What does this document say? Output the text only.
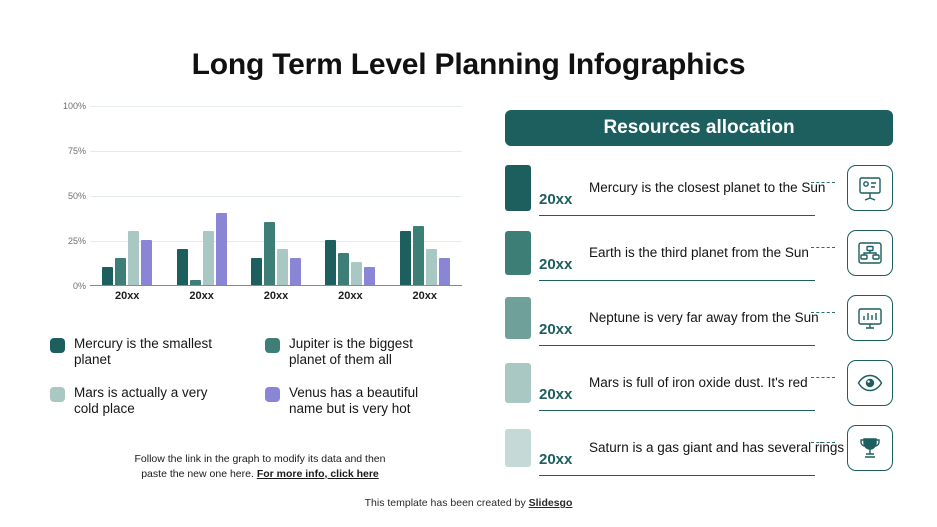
Long Term Level Planning Infographics
100%
75%
50%
25%
0%
20xx	20xx	20xx	20xx	20xx
Mercury is the smallest planet
Jupiter is the biggest planet of them all
Mars is actually a very cold place
Venus has a beautiful name but is very hot
Follow the link in the graph to modify its data and then
paste the new one here. For more info, click here
This template has been created by Slidesgo
Resources allocation
20xx
Mercury is the closest planet to the Sun
20xx
Earth is the third planet from the Sun
20xx
Neptune is very far away from the Sun
20xx
Mars is full of iron oxide dust. It's red
20xx
Saturn is a gas giant and has several rings
